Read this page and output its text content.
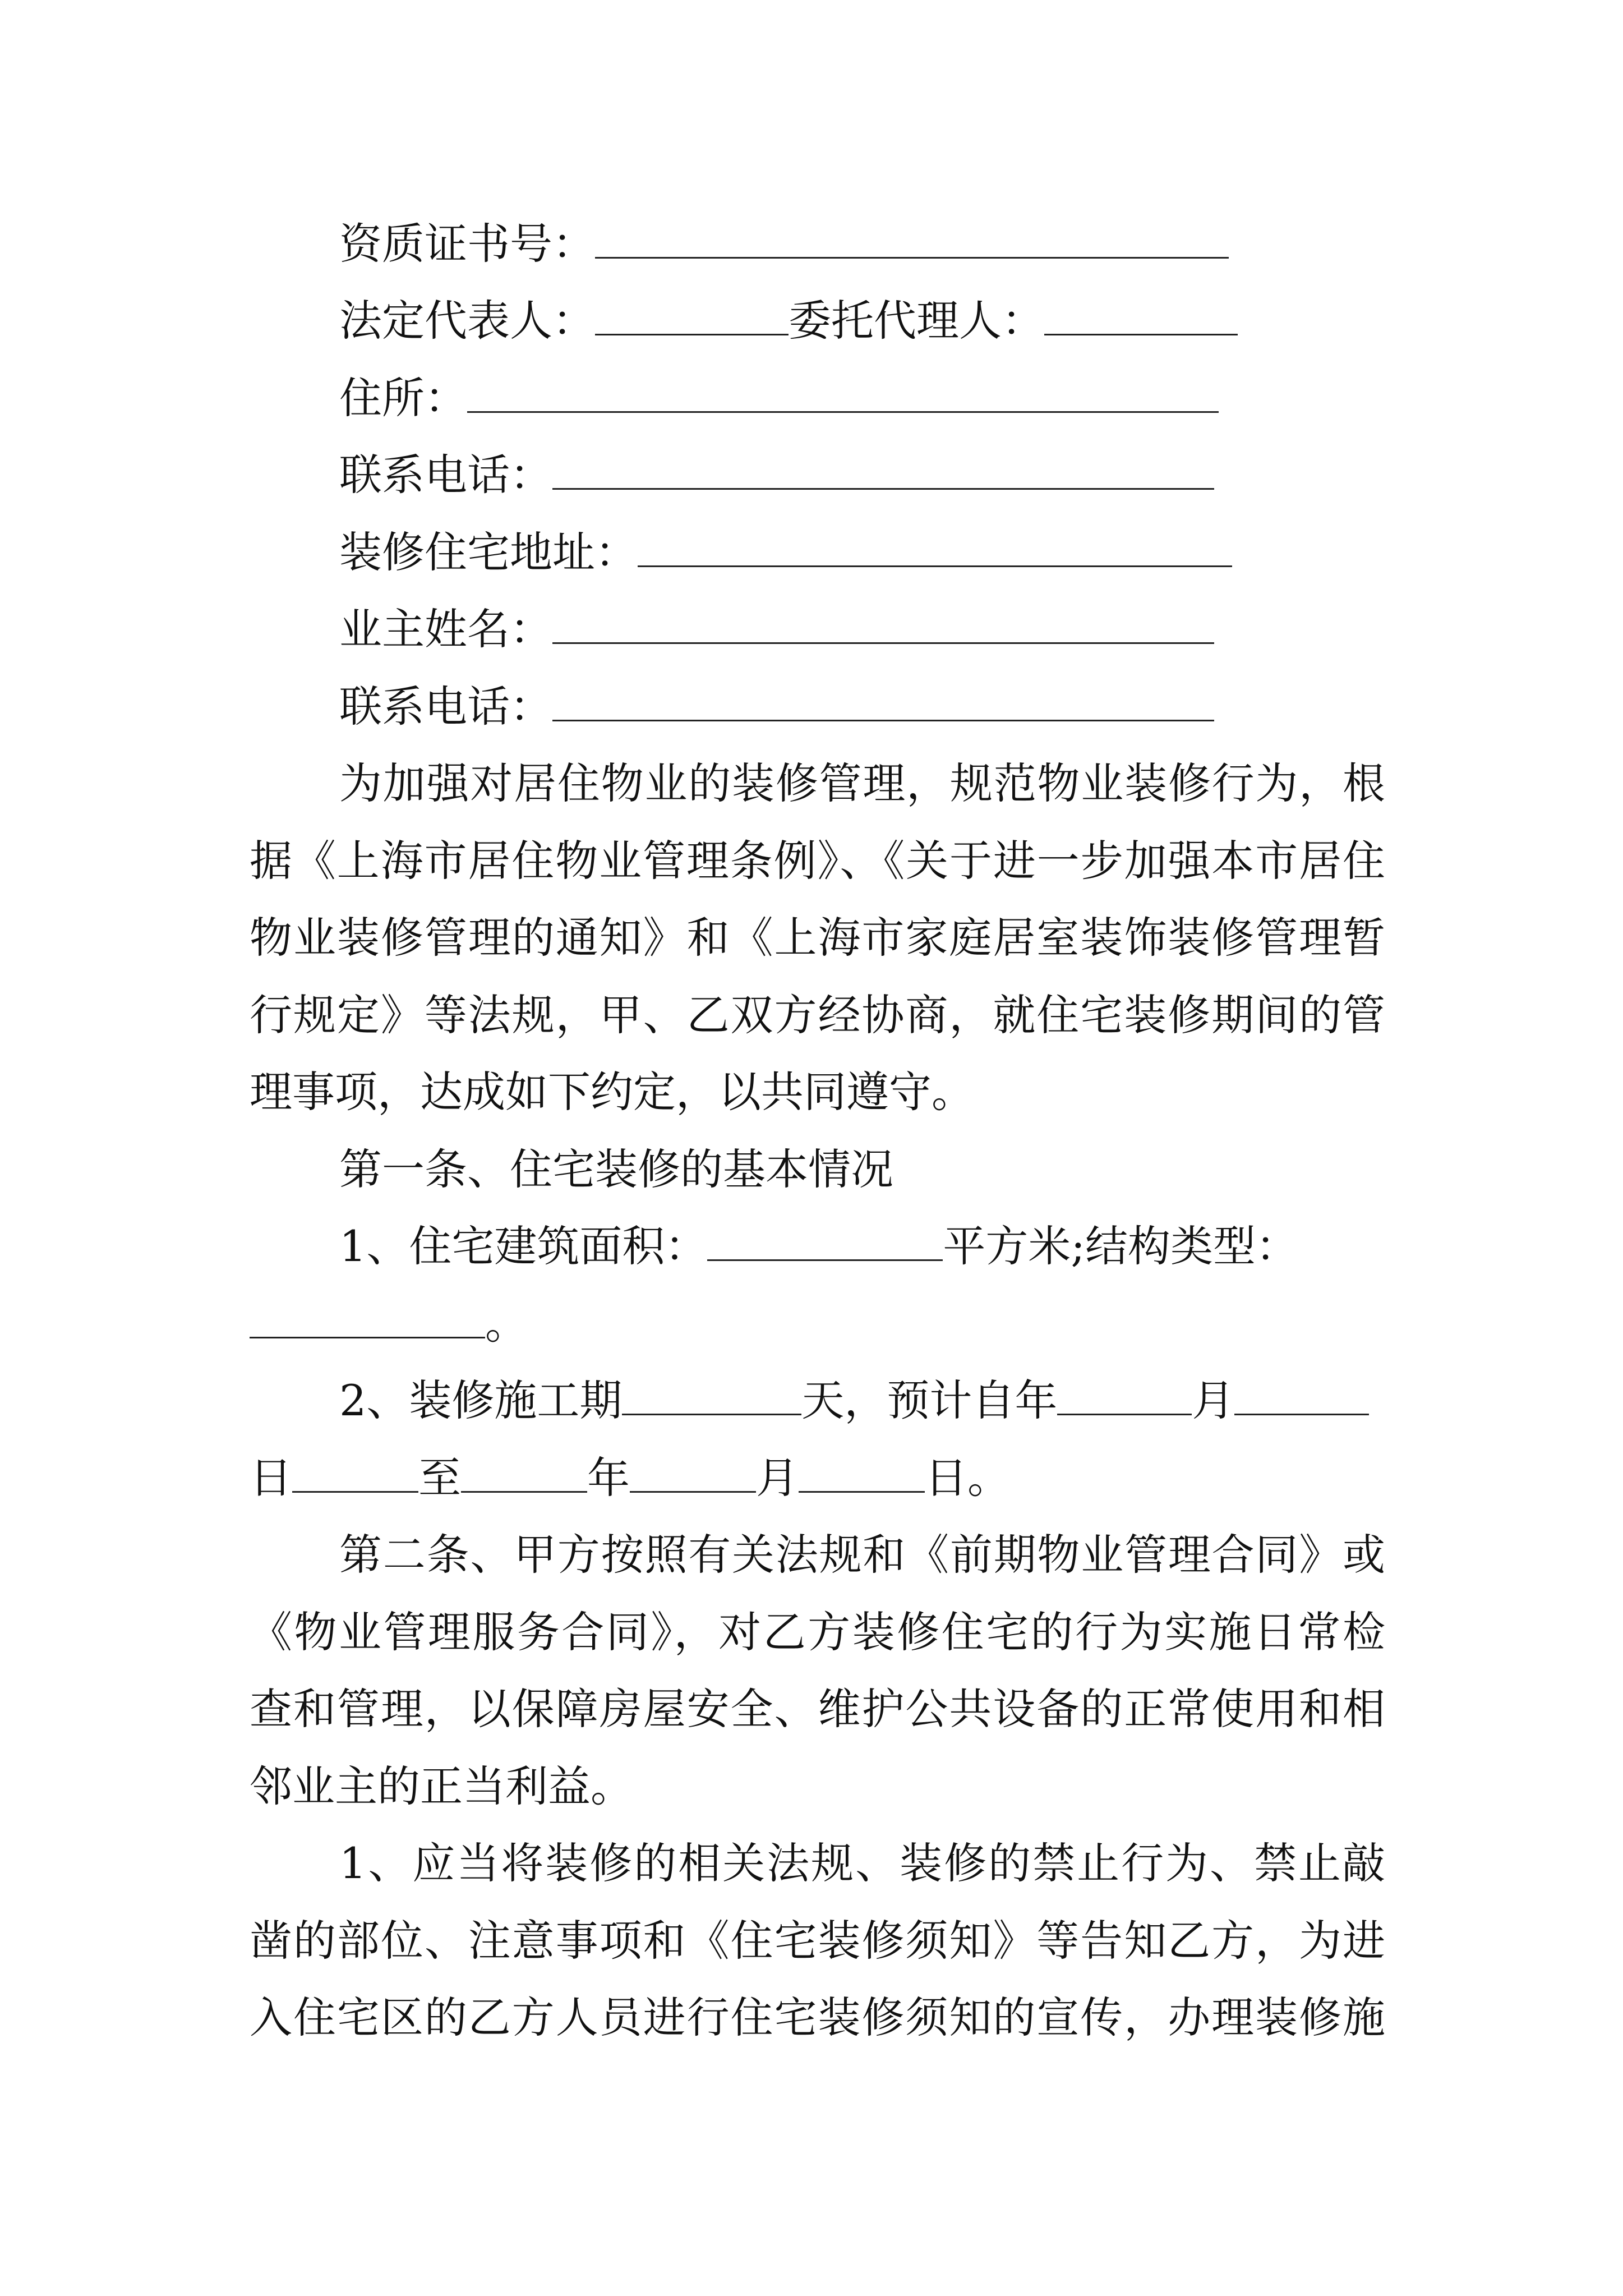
资质证书号：
法定代表人：	委托代理人：
住所：
联系电话：
装修住宅地址：
业主姓名：
联系电话：
为加强对居住物业的装修管理，规范物业装修行为，根
据《上海市居住物业管理条例》、《关于进一步加强本市居住
物业装修管理的通知》和《上海市家庭居室装饰装修管理暂
行规定》等法规，甲、乙双方经协商，就住宅装修期间的管
理事项，达成如下约定，以共同遵守。
第一条、住宅装修的基本情况
1、住宅建筑面积：	平方米;结构类型：
。
2、装修施工期	天，预计自年	月
日	至	年	月	日。
第二条、甲方按照有关法规和《前期物业管理合同》或
《物业管理服务合同》，对乙方装修住宅的行为实施日常检
查和管理，以保障房屋安全、维护公共设备的正常使用和相
邻业主的正当利益。
1、应当将装修的相关法规、装修的禁止行为、禁止敲
凿的部位、注意事项和《住宅装修须知》等告知乙方，为进
入住宅区的乙方人员进行住宅装修须知的宣传，办理装修施
